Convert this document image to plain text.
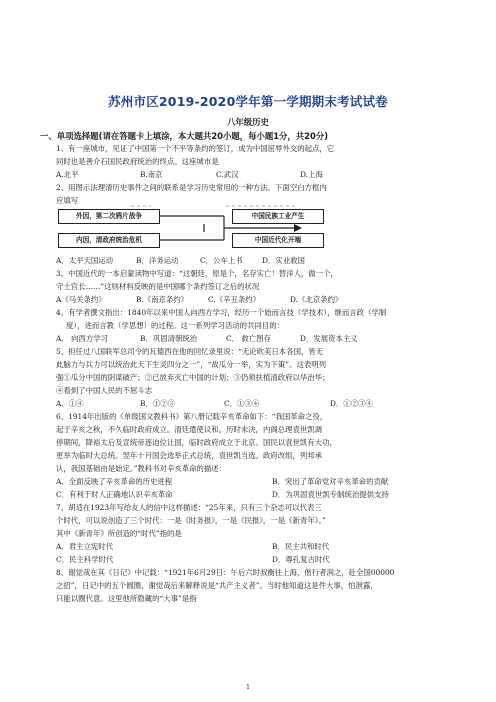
苏州市区2019-2020学年第一学期期末考试试卷
八年级历史
一、单项选择题(请在答题卡上填涂，本大题共20小题，每小题1分，共20分)
1、有一座城市，见证了中国第一个不平等条约的签订，成为中国屈辱外交的起点，它
同时也是善介石国民政府统治的终点。这座城市是
A.北平	B.南京	C.武汉	D.上海
2、用图示法理清历史事件之间的联系是学习历史常用的一种方法。下面空白方框内
应填写
外因，第二次鸦片战争
内因，清政府统治危机
中国民族工业产生
中国近代化开端
A．太平天国运动	B．洋务运动	C．公车上书	D．实业救国
3、中国近代的一本启蒙读物中写道：“这朝廷，原是个，名存实亡！替洋人，做一个，
守土官长……”这则材料反映的是中国哪个条约签订之后的状况
A《马关条约》	B.《南京条约》	C.《辛丑条约》	D.《北京条约》
4、有学者撰文指出：1840年以来中国人向西方学习，经历一个始而言技（学技术），继而言政（学制
度），进而言教（学思想）的过程。这一系列学习活动的共同目的：
A． 向西方学习	B．巩固清朝统治	C． 救亡图存	D．发展资本主义
5、担任过八国联军总司令的瓦德西在他的回忆录里说：“无论欧美日本各国，皆无
此脑力与兵力可以统治此天下生灵四分之一”，“故瓜分一举，实为下策”。这表明列
强①瓜分中国的阴谋破产；②已放弃灭亡中国的计划；③仍须扶植清政府以华治华；
④看到了中国人民的不屈斗志
A．①④	B．①②③	C．①③④	D．①②③④
6、1914年出版的《单级国文教科书》第八册记载辛亥革命如下：“我国革命之役，
起于辛亥之秋，不久临时政府成立。清廷遣使议和。历时未决，内阁总理袁世凯调
停期间，降裕太后及宣统帝逐迫位让国，临时政府成立于北京。国民以袁世凯有大功，
更举为临时大总统。翌年十月国会选举正式总统，袁世凯当选。政府改组，列邦承
认，我国基础由是始定。”教科书对辛亥革命的描述：
A．全面反映了辛亥革命的历史进程	B．突出了革命党对辛亥革命的贡献
C．有利于时人正确地认识辛亥革命	D．为巩固袁世凯专制统治提供支持
7、胡适在1923年写给友人的信中这样描述：“25年来，只有三个杂志可以代表三
个时代，可以说创造了三个时代：一是《时务报》，一是《民报》，一是《新青年》。”
其中《新青年》所创造的“时代”指的是
A．君主立宪时代	B．民主共和时代
C．民主科学时代	D．尊孔复古时代
8、谢觉哉在其《日记》中记载：“1921年6月29日：午后六时叔衡往上海，偕行者润之，赴全国00000
之招”，日记中的五个圆圈，谢觉哉后来解释说是“共产主义者”。当时他知道这是件大事，怕泄露，
只能以圈代意。这里他所隐藏的“大事”是指
1
